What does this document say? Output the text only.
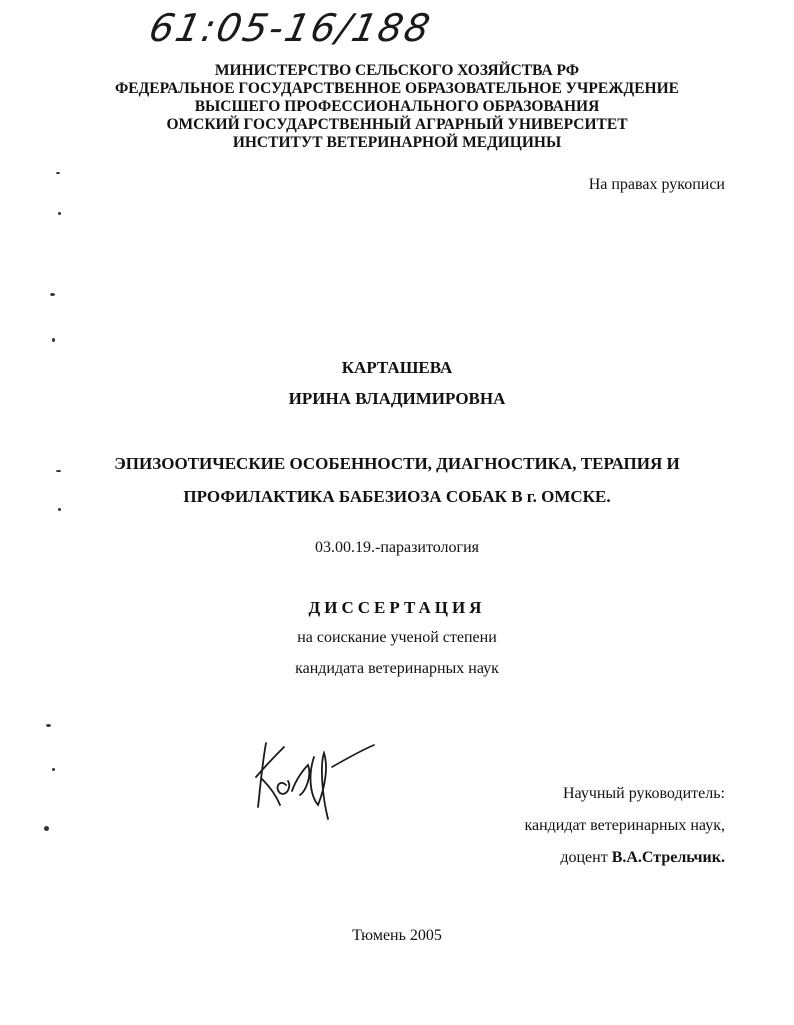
61:05-16/188
МИНИСТЕРСТВО СЕЛЬСКОГО ХОЗЯЙСТВА РФ
ФЕДЕРАЛЬНОЕ ГОСУДАРСТВЕННОЕ ОБРАЗОВАТЕЛЬНОЕ УЧРЕЖДЕНИЕ
ВЫСШЕГО ПРОФЕССИОНАЛЬНОГО ОБРАЗОВАНИЯ
ОМСКИЙ ГОСУДАРСТВЕННЫЙ АГРАРНЫЙ УНИВЕРСИТЕТ
ИНСТИТУТ ВЕТЕРИНАРНОЙ МЕДИЦИНЫ
На правах рукописи
КАРТАШЕВА
ИРИНА ВЛАДИМИРОВНА
ЭПИЗООТИЧЕСКИЕ ОСОБЕННОСТИ, ДИАГНОСТИКА, ТЕРАПИЯ И
ПРОФИЛАКТИКА БАБЕЗИОЗА СОБАК В г. ОМСКЕ.
03.00.19.-паразитология
ДИССЕРТАЦИЯ
на соискание ученой степени
кандидата ветеринарных наук
Научный руководитель:
кандидат ветеринарных наук,
доцент В.А.Стрельчик.
Тюмень 2005
